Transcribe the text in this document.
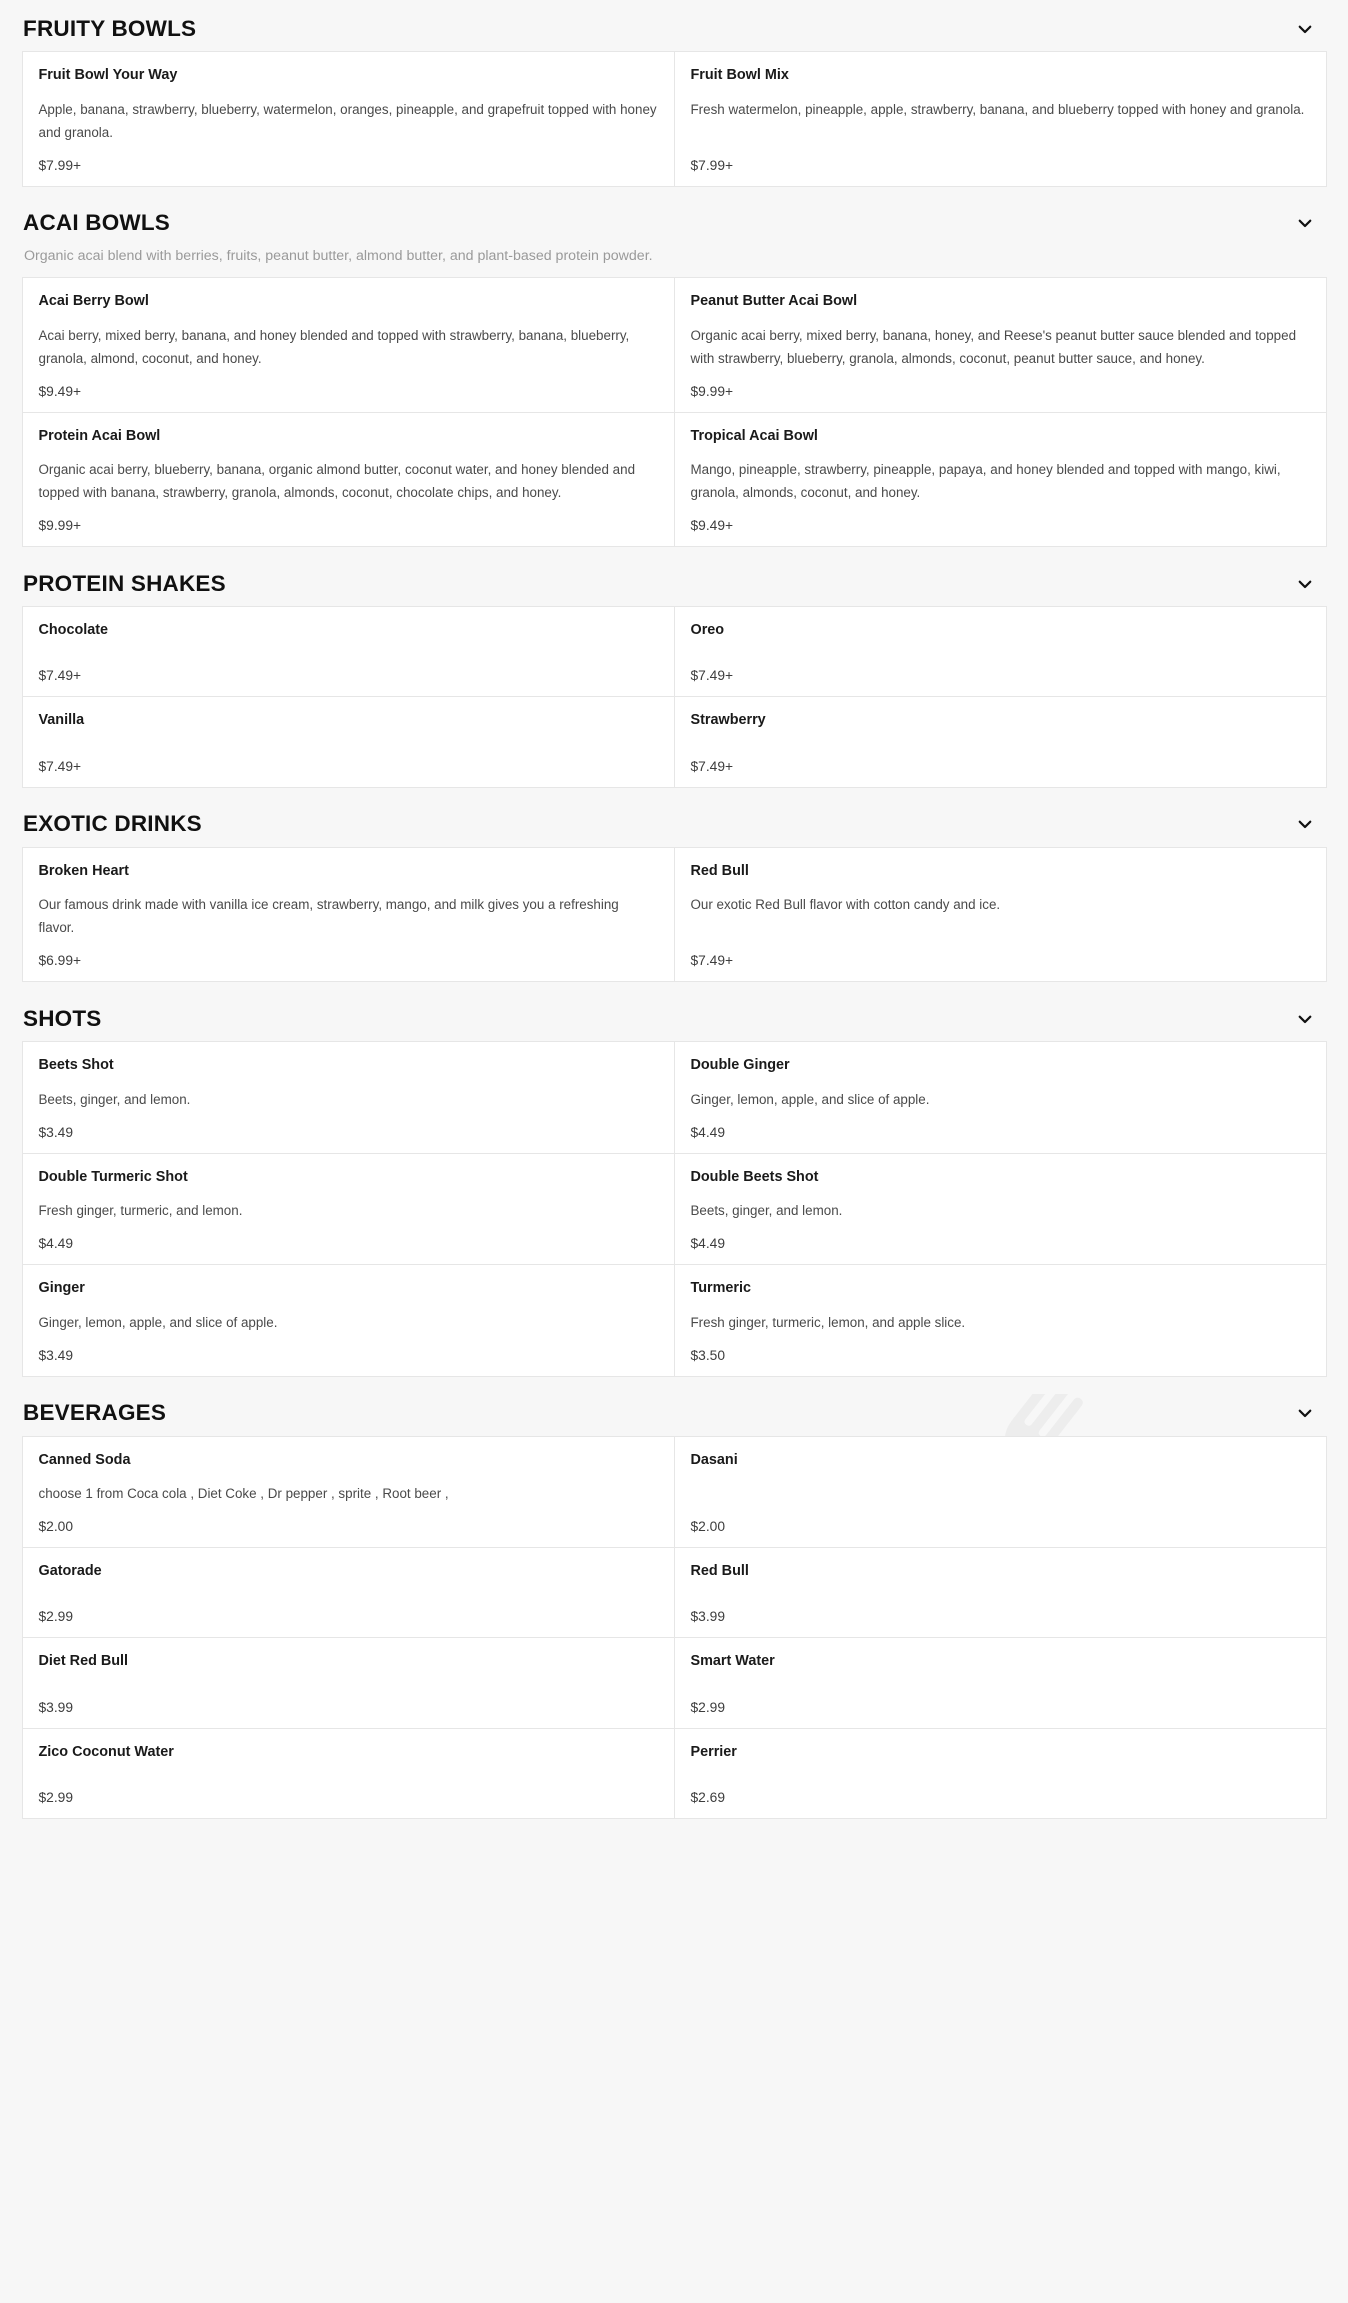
FRUITY BOWLS
Fruit Bowl Your Way
Apple, banana, strawberry, blueberry, watermelon, oranges, pineapple, and grapefruit topped with honey and granola.
$7.99+
Fruit Bowl Mix
Fresh watermelon, pineapple, apple, strawberry, banana, and blueberry topped with honey and granola.
$7.99+
ACAI BOWLS
Organic acai blend with berries, fruits, peanut butter, almond butter, and plant-based protein powder.
Acai Berry Bowl
Acai berry, mixed berry, banana, and honey blended and topped with strawberry, banana, blueberry, granola, almond, coconut, and honey.
$9.49+
Peanut Butter Acai Bowl
Organic acai berry, mixed berry, banana, honey, and Reese's peanut butter sauce blended and topped with strawberry, blueberry, granola, almonds, coconut, peanut butter sauce, and honey.
$9.99+
Protein Acai Bowl
Organic acai berry, blueberry, banana, organic almond butter, coconut water, and honey blended and topped with banana, strawberry, granola, almonds, coconut, chocolate chips, and honey.
$9.99+
Tropical Acai Bowl
Mango, pineapple, strawberry, pineapple, papaya, and honey blended and topped with mango, kiwi, granola, almonds, coconut, and honey.
$9.49+
PROTEIN SHAKES
Chocolate
$7.49+
Oreo
$7.49+
Vanilla
$7.49+
Strawberry
$7.49+
EXOTIC DRINKS
Broken Heart
Our famous drink made with vanilla ice cream, strawberry, mango, and milk gives you a refreshing flavor.
$6.99+
Red Bull
Our exotic Red Bull flavor with cotton candy and ice.
$7.49+
SHOTS
Beets Shot
Beets, ginger, and lemon.
$3.49
Double Ginger
Ginger, lemon, apple, and slice of apple.
$4.49
Double Turmeric Shot
Fresh ginger, turmeric, and lemon.
$4.49
Double Beets Shot
Beets, ginger, and lemon.
$4.49
Ginger
Ginger, lemon, apple, and slice of apple.
$3.49
Turmeric
Fresh ginger, turmeric, lemon, and apple slice.
$3.50
BEVERAGES
Canned Soda
choose 1 from Coca cola , Diet Coke , Dr pepper , sprite , Root beer ,
$2.00
Dasani
$2.00
Gatorade
$2.99
Red Bull
$3.99
Diet Red Bull
$3.99
Smart Water
$2.99
Zico Coconut Water
$2.99
Perrier
$2.69
